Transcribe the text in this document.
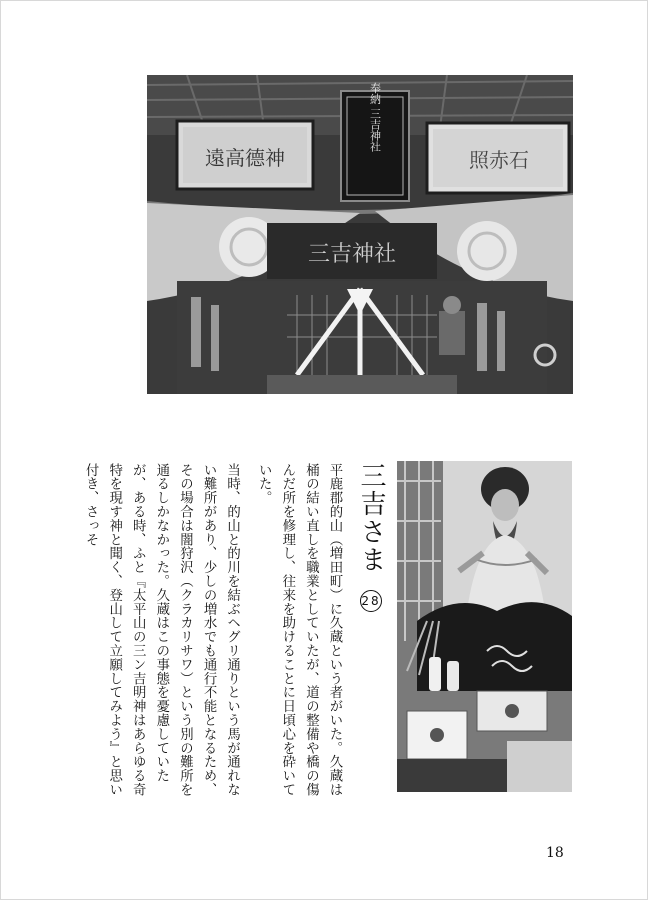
遠高德神	照赤石
奉納 三吉神社
三吉神社
三吉さま 28

平鹿郡的山（増田町）に久蔵という者がいた。久蔵は桶の結い直しを職業としていたが、道の整備や橋の傷んだ所を修理し、往来を助けることに日頃心を砕いていた。

当時、的山と的川を結ぶヘグリ通りという馬が通れない難所があり、少しの増水でも通行不能となるため、その場合は闇狩沢（クラカリサワ）という別の難所を通るしかなかった。久蔵はこの事態を憂慮していたが、ある時、ふと『太平山の三ン吉明神はあらゆる奇特を現す神と聞く、登山して立願してみよう』と思い付き、さっそ

18
